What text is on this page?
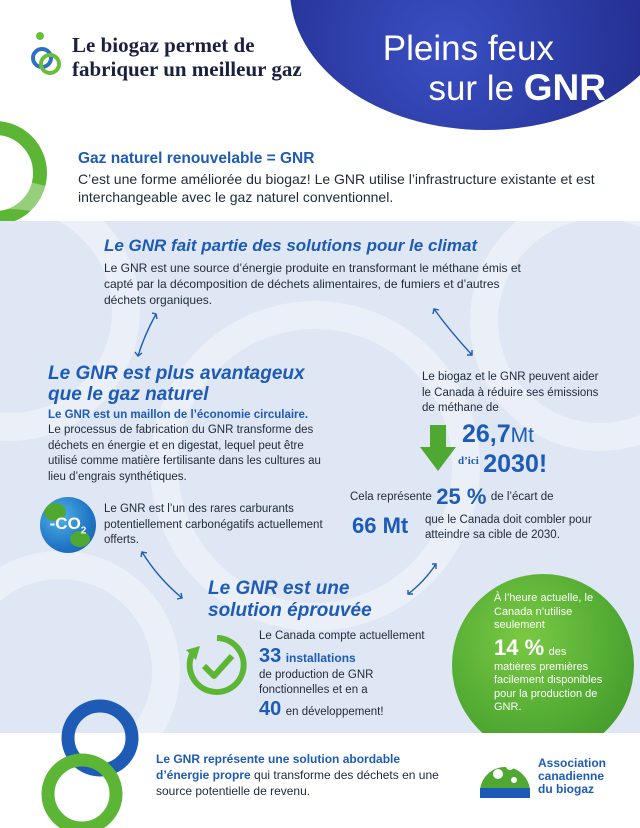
Pleins feux
sur le GNR
Le biogaz permet de
fabriquer un meilleur gaz
Gaz naturel renouvelable = GNR
C’est une forme améliorée du biogaz! Le GNR utilise l’infrastructure existante et est interchangeable avec le gaz naturel conventionnel.
Le GNR fait partie des solutions pour le climat
Le GNR est une source d’énergie produite en transformant le méthane émis et capté par la décomposition de déchets alimentaires, de fumiers et d’autres déchets organiques.
Le GNR est plus avantageux
que le gaz naturel
Le GNR est un maillon de l’économie circulaire.
Le processus de fabrication du GNR transforme des déchets en énergie et en digestat, lequel peut être utilisé comme matière fertilisante dans les cultures au lieu d’engrais synthétiques.
$-CO_2$
Le GNR est l’un des rares carburants potentiellement carbonégatifs actuellement offerts.
Le biogaz et le GNR peuvent aider le Canada à réduire ses émissions de méthane de
26,7Mt
$^{d’ici}$ 2030!
$^{Cela représente}$ 25 % $^{de l’écart de}$
66 Mt que le Canada doit combler pour atteindre sa cible de 2030.
Le GNR est une
solution éprouvée
Le Canada compte actuellement
33 installations
de production de GNR fonctionnelles et en a
40 en développement!
À l’heure actuelle, le Canada n’utilise seulement
14 % des
matières premières facilement disponibles pour la production de GNR.
Le GNR représente une solution abordable d’énergie propre qui transforme des déchets en une source potentielle de revenu.
Association
canadienne
du biogaz
